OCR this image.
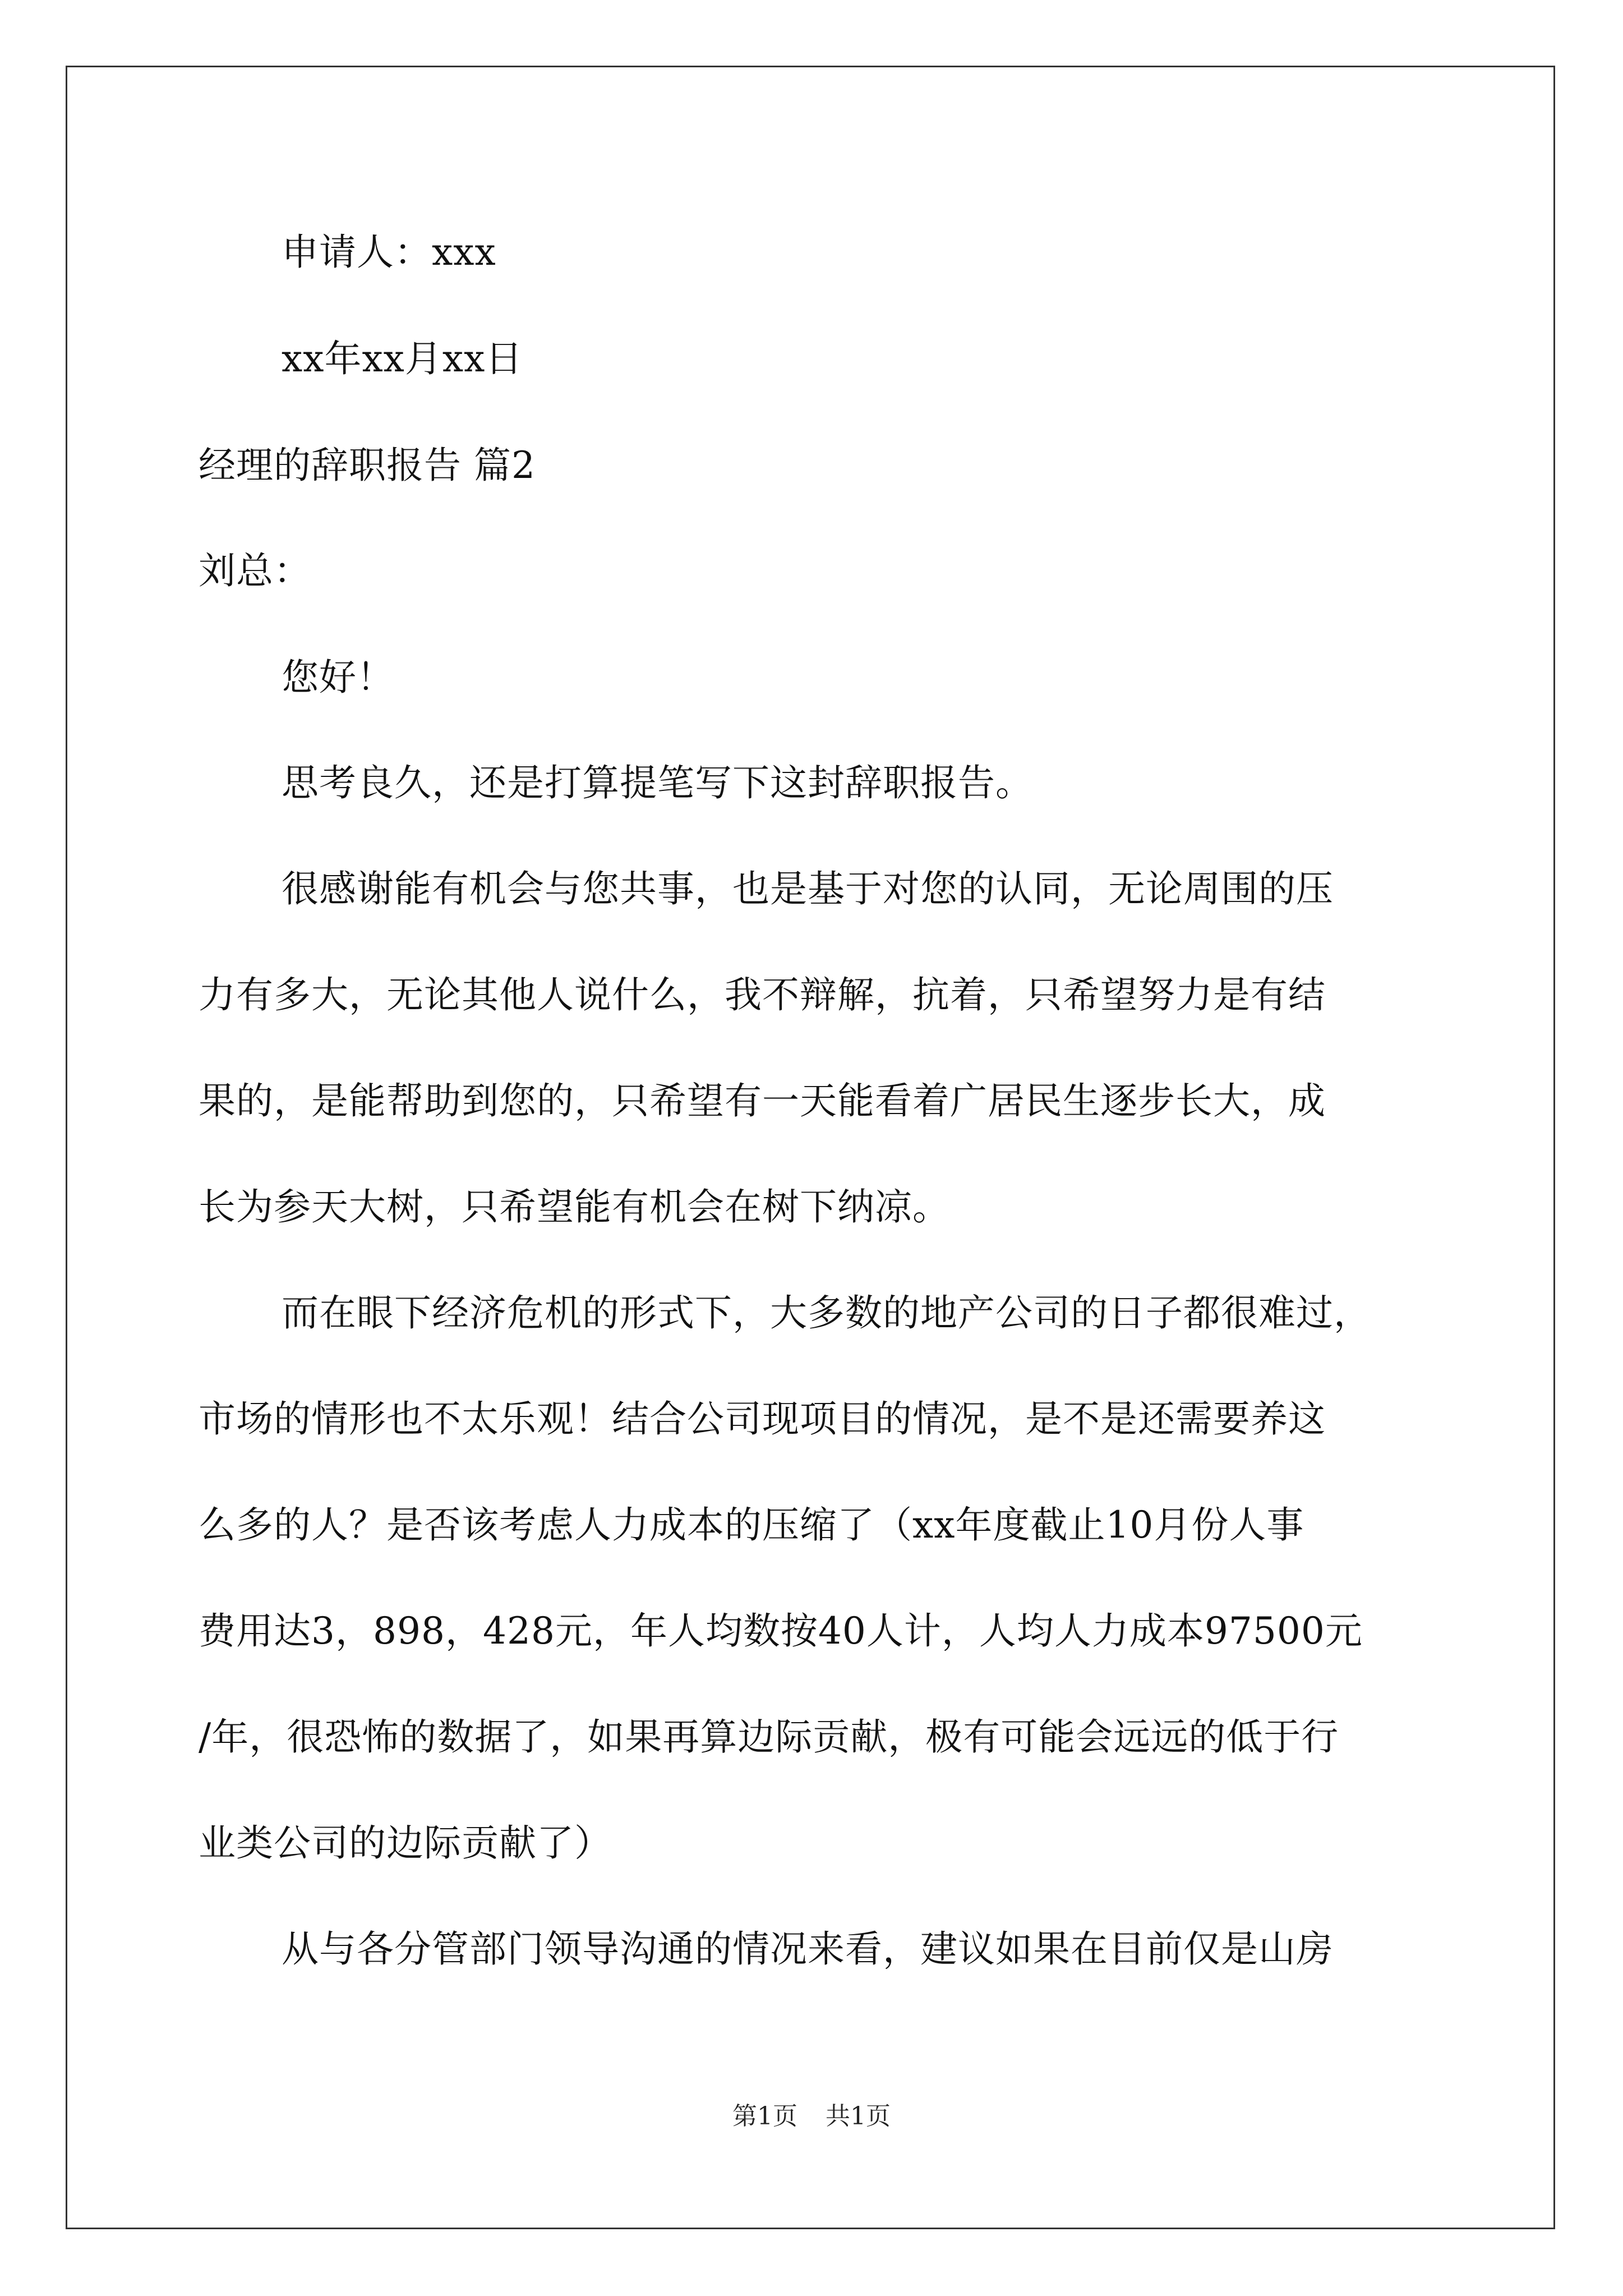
申请人：xxx
xx年xx月xx日
经理的辞职报告 篇2
刘总：
您好！
思考良久，还是打算提笔写下这封辞职报告。
很感谢能有机会与您共事，也是基于对您的认同，无论周围的压
力有多大，无论其他人说什么，我不辩解，抗着，只希望努力是有结
果的，是能帮助到您的，只希望有一天能看着广居民生逐步长大，成
长为参天大树，只希望能有机会在树下纳凉。
而在眼下经济危机的形式下，大多数的地产公司的日子都很难过，
市场的情形也不太乐观！结合公司现项目的情况，是不是还需要养这
么多的人？是否该考虑人力成本的压缩了（xx年度截止10月份人事
费用达3，898，428元，年人均数按40人计，人均人力成本97500元
/年，很恐怖的数据了，如果再算边际贡献，极有可能会远远的低于行
业类公司的边际贡献了）
从与各分管部门领导沟通的情况来看，建议如果在目前仅是山房
第1页 共1页
